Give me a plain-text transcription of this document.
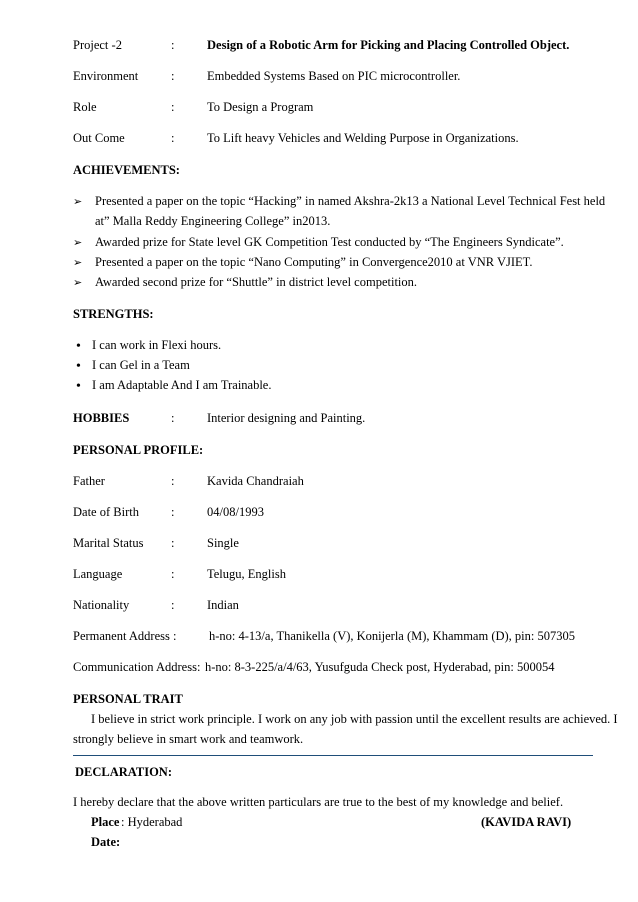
Project -2	:	Design of a Robotic Arm for Picking and Placing Controlled Object.
Environment	:	Embedded Systems Based on PIC microcontroller.
Role	:	To Design a Program
Out Come	:	To Lift heavy Vehicles and Welding Purpose in Organizations.
ACHIEVEMENTS:
➢ Presented a paper on the topic “Hacking” in named Akshra-2k13 a National Level Technical Fest held
at” Malla Reddy Engineering College” in2013.
➢ Awarded prize for State level GK Competition Test conducted by “The Engineers Syndicate”.
➢ Presented a paper on the topic “Nano Computing” in Convergence2010 at VNR VJIET.
➢ Awarded second prize for “Shuttle” in district level competition.
STRENGTHS:
• I can work in Flexi hours.
• I can Gel in a Team
• I am Adaptable And I am Trainable.
HOBBIES	:	Interior designing and Painting.
PERSONAL PROFILE:
Father	:	Kavida Chandraiah
Date of Birth	:	04/08/1993
Marital Status :	Single
Language	:	Telugu, English
Nationality	:	Indian
Permanent Address :	h-no: 4-13/a, Thanikella (V), Konijerla (M), Khammam (D), pin: 507305
Communication Address: h-no: 8-3-225/a/4/63, Yusufguda Check post, Hyderabad, pin: 500054
PERSONAL TRAIT
I believe in strict work principle. I work on any job with passion until the excellent results are achieved. I
strongly believe in smart work and teamwork.
DECLARATION:
I hereby declare that the above written particulars are true to the best of my knowledge and belief.
Place : Hyderabad	(KAVIDA RAVI)
Date:
